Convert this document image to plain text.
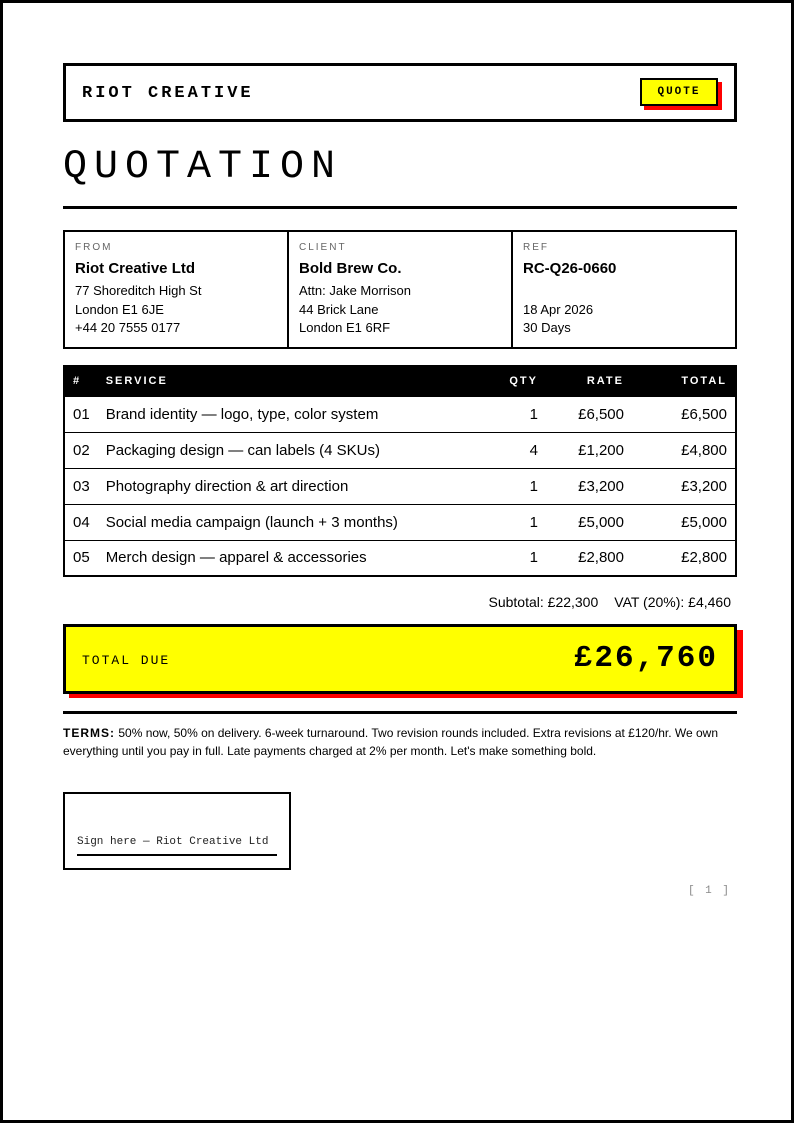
RIOT CREATIVE	QUOTE
QUOTATION
FROM
Riot Creative Ltd
77 Shoreditch High St
London E1 6JE
+44 20 7555 0177
CLIENT
Bold Brew Co.
Attn: Jake Morrison
44 Brick Lane
London E1 6RF
REF
RC-Q26-0660
18 Apr 2026
30 Days
#	SERVICE	QTY	RATE	TOTAL
01	Brand identity — logo, type, color system	1	£6,500	£6,500
02	Packaging design — can labels (4 SKUs)	4	£1,200	£4,800
03	Photography direction & art direction	1	£3,200	£3,200
04	Social media campaign (launch + 3 months)	1	£5,000	£5,000
05	Merch design — apparel & accessories	1	£2,800	£2,800
Subtotal: £22,300 VAT (20%): £4,460
TOTAL DUE	£26,760

TERMS: 50% now, 50% on delivery. 6-week turnaround. Two revision rounds included. Extra revisions at £120/hr. We own everything until you pay in full. Late payments charged at 2% per month. Let's make something bold.

Sign here — Riot Creative Ltd
[ 1 ]
